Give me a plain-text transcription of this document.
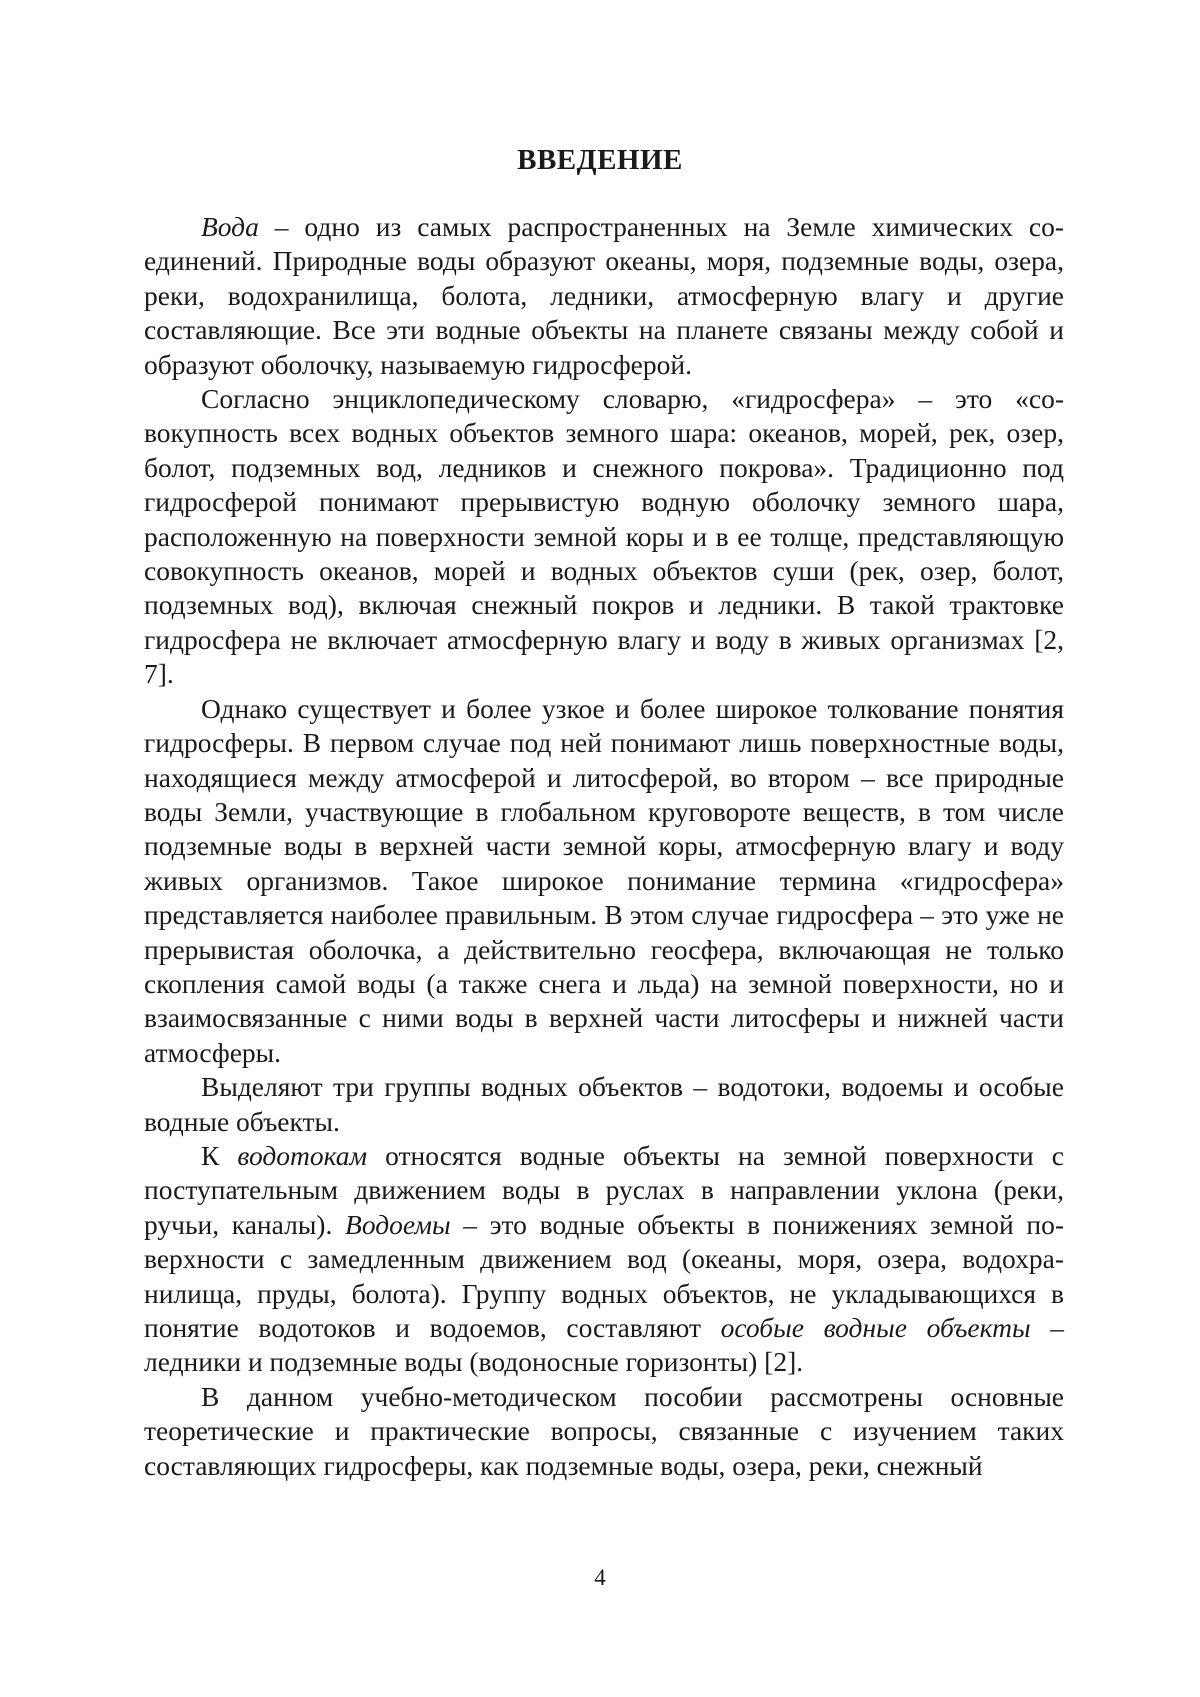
ВВЕДЕНИЕ

Вода – одно из самых распространенных на Земле химических соединений. Природные воды образуют океаны, моря, подземные воды, озера, реки, водохранилища, болота, ледники, атмосферную влагу и другие составляющие. Все эти водные объекты на планете связаны между собой и образуют оболочку, называемую гидросферой.

Согласно энциклопедическому словарю, «гидросфера» – это «совокупность всех водных объектов земного шара: океанов, морей, рек, озер, болот, подземных вод, ледников и снежного покрова». Традиционно под гидросферой понимают прерывистую водную оболочку земного шара, расположенную на поверхности земной коры и в ее толще, представляющую совокупность океанов, морей и водных объектов суши (рек, озер, болот, подземных вод), включая снежный покров и ледники. В такой трактовке гидросфера не включает атмосферную влагу и воду в живых организмах [2, 7].

Однако существует и более узкое и более широкое толкование понятия гидросферы. В первом случае под ней понимают лишь поверхностные воды, находящиеся между атмосферой и литосферой, во втором – все природные воды Земли, участвующие в глобальном круговороте веществ, в том числе подземные воды в верхней части земной коры, атмосферную влагу и воду живых организмов. Такое широкое понимание термина «гидросфера» представляется наиболее правильным. В этом случае гидросфера – это уже не прерывистая оболочка, а действительно геосфера, включающая не только скопления самой воды (а также снега и льда) на земной поверхности, но и взаимосвязанные с ними воды в верхней части литосферы и нижней части атмосферы.

Выделяют три группы водных объектов – водотоки, водоемы и особые водные объекты.

К водотокам относятся водные объекты на земной поверхности с поступательным движением воды в руслах в направлении уклона (реки, ручьи, каналы). Водоемы – это водные объекты в понижениях земной поверхности с замедленным движением вод (океаны, моря, озера, водохранилища, пруды, болота). Группу водных объектов, не укладывающихся в понятие водотоков и водоемов, составляют особые водные объекты – ледники и подземные воды (водоносные горизонты) [2].

В данном учебно-методическом пособии рассмотрены основные теоретические и практические вопросы, связанные с изучением таких составляющих гидросферы, как подземные воды, озера, реки, снежный

4
